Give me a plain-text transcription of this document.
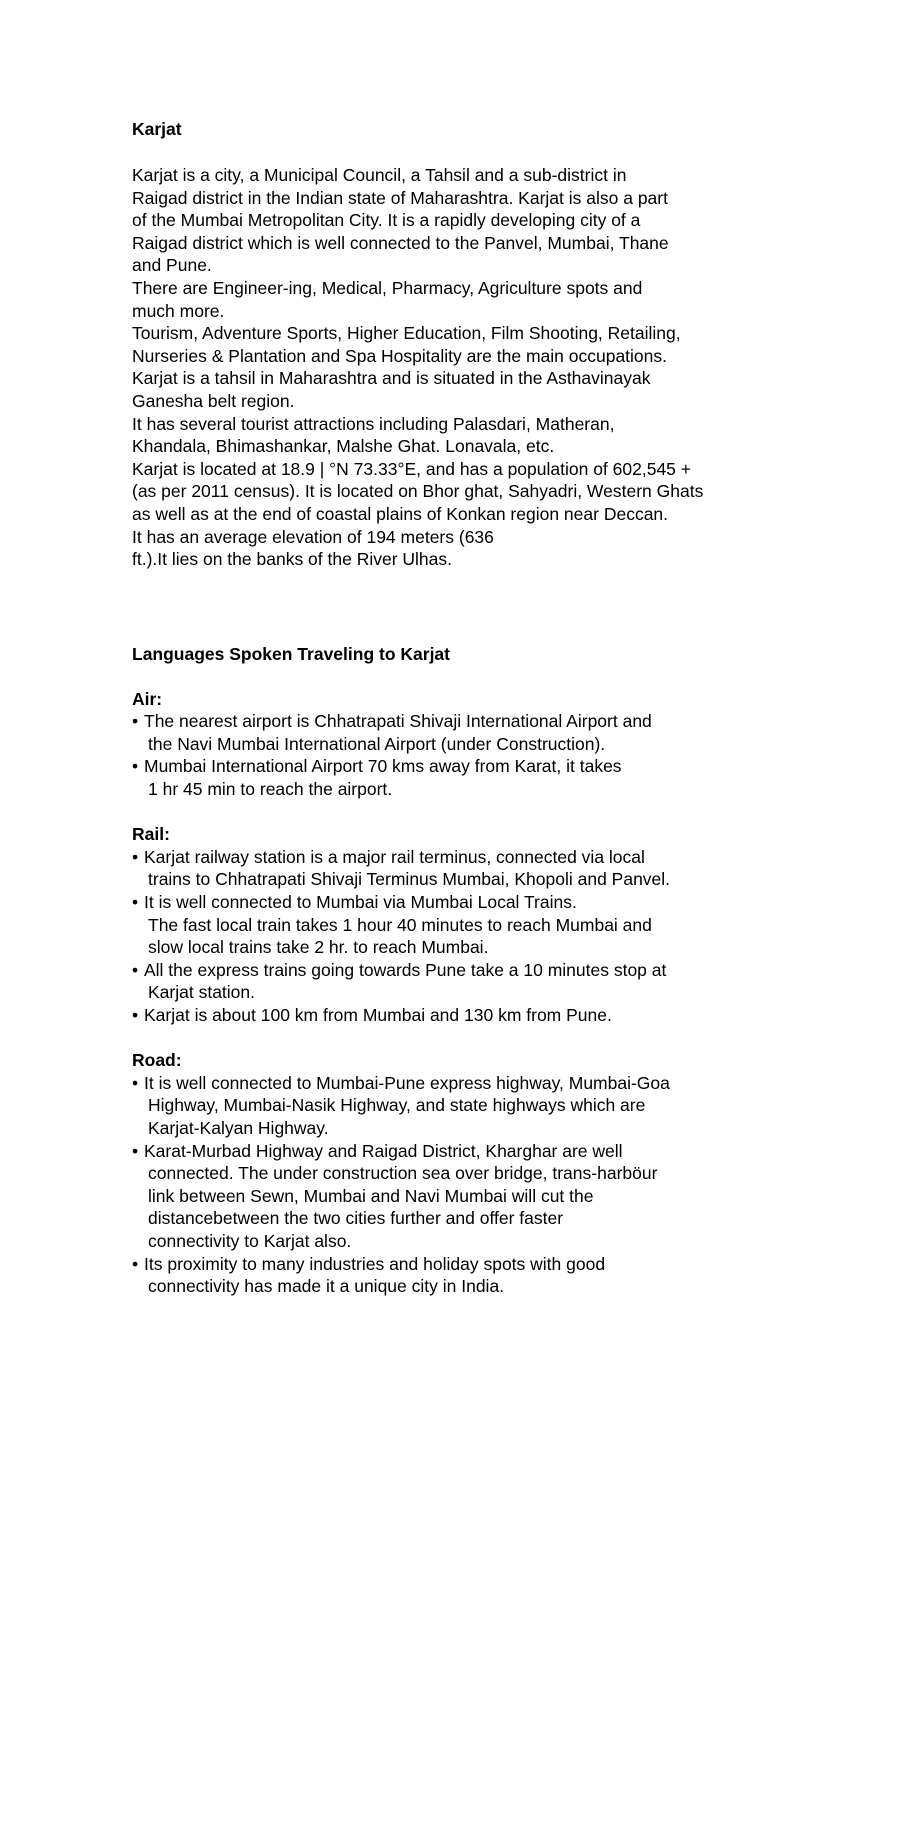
Karjat
Karjat is a city, a Municipal Council, a Tahsil and a sub-district in
Raigad district in the Indian state of Maharashtra. Karjat is also a part
of the Mumbai Metropolitan City. It is a rapidly developing city of a
Raigad district which is well connected to the Panvel, Mumbai, Thane
and Pune.
There are Engineer-ing, Medical, Pharmacy, Agriculture spots and
much more.
Tourism, Adventure Sports, Higher Education, Film Shooting, Retailing,
Nurseries & Plantation and Spa Hospitality are the main occupations.
Karjat is a tahsil in Maharashtra and is situated in the Asthavinayak
Ganesha belt region.
It has several tourist attractions including Palasdari, Matheran,
Khandala, Bhimashankar, Malshe Ghat. Lonavala, etc.
Karjat is located at 18.9 | °N 73.33°E, and has a population of 602,545 +
(as per 2011 census). It is located on Bhor ghat, Sahyadri, Western Ghats
as well as at the end of coastal plains of Konkan region near Deccan.
It has an average elevation of 194 meters (636
ft.).It lies on the banks of the River Ulhas.
Languages Spoken Traveling to Karjat
Air:
• The nearest airport is Chhatrapati Shivaji International Airport and
the Navi Mumbai International Airport (under Construction).
• Mumbai International Airport 70 kms away from Karat, it takes
1 hr 45 min to reach the airport.
Rail:
• Karjat railway station is a major rail terminus, connected via local
trains to Chhatrapati Shivaji Terminus Mumbai, Khopoli and Panvel.
• It is well connected to Mumbai via Mumbai Local Trains.
The fast local train takes 1 hour 40 minutes to reach Mumbai and
slow local trains take 2 hr. to reach Mumbai.
• All the express trains going towards Pune take a 10 minutes stop at
Karjat station.
• Karjat is about 100 km from Mumbai and 130 km from Pune.
Road:
• It is well connected to Mumbai-Pune express highway, Mumbai-Goa
Highway, Mumbai-Nasik Highway, and state highways which are
Karjat-Kalyan Highway.
• Karat-Murbad Highway and Raigad District, Kharghar are well
connected. The under construction sea over bridge, trans-harböur
link between Sewn, Mumbai and Navi Mumbai will cut the
distancebetween the two cities further and offer faster
connectivity to Karjat also.
• Its proximity to many industries and holiday spots with good
connectivity has made it a unique city in India.
